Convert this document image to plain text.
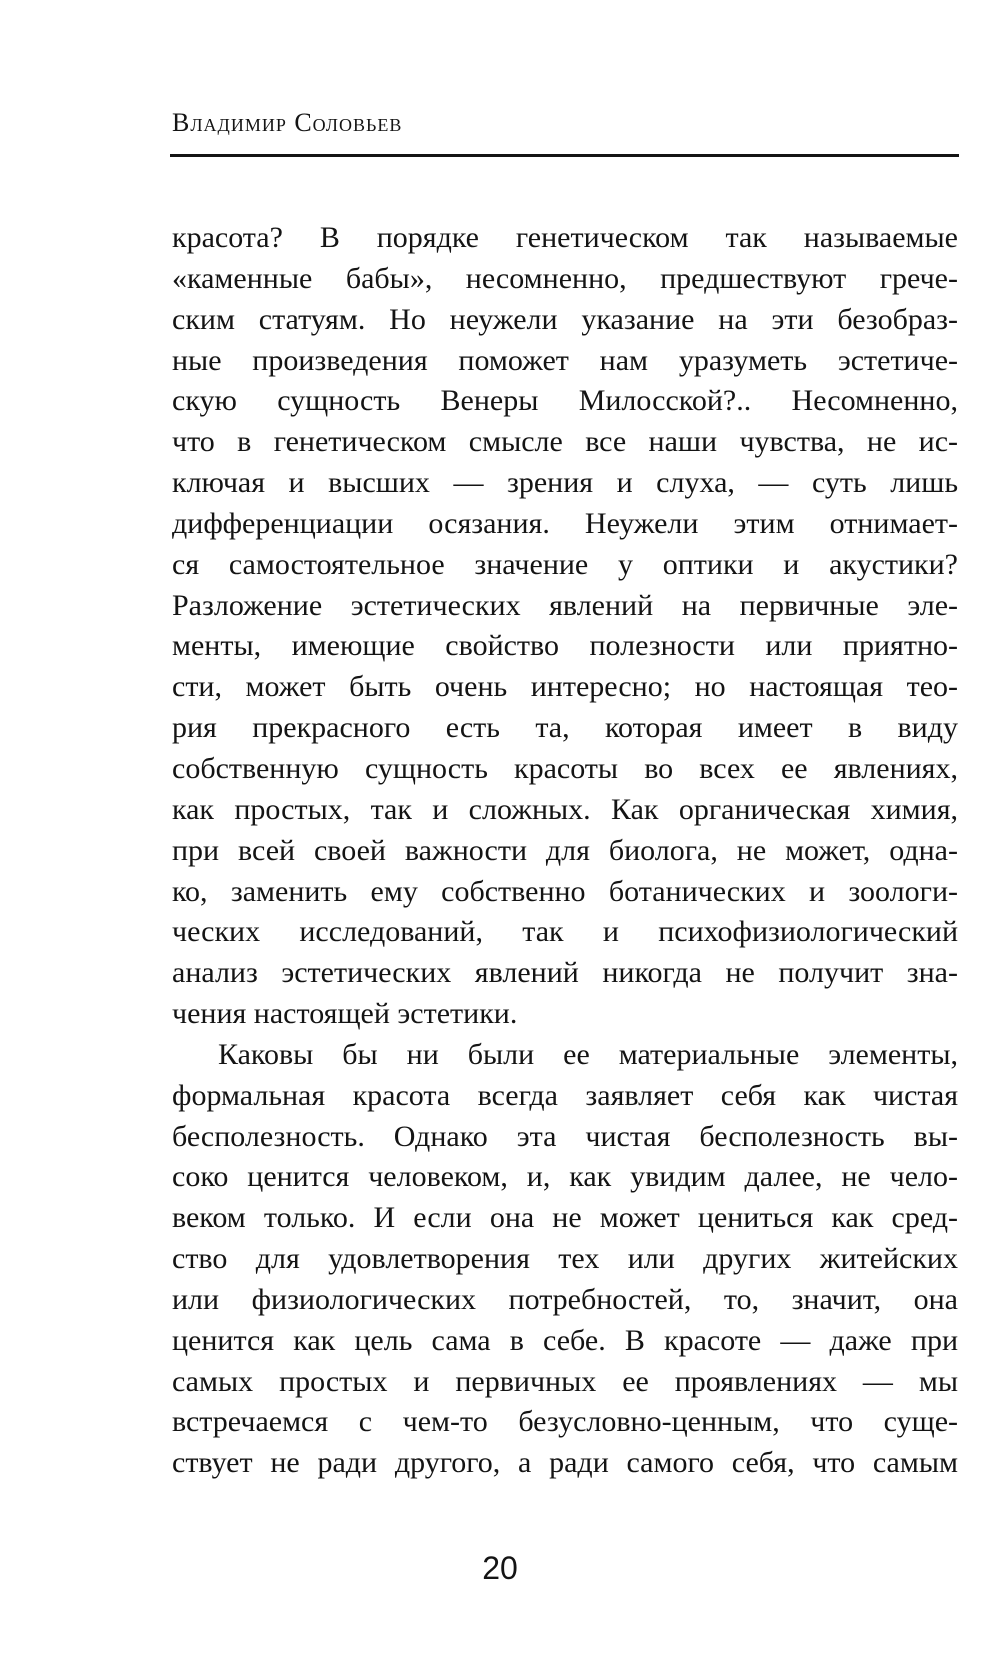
Владимир Соловьев
красота? В порядке генетическом так называемые
«каменные бабы», несомненно, предшествуют грече-
ским статуям. Но неужели указание на эти безобраз-
ные произведения поможет нам уразуметь эстетиче-
скую сущность Венеры Милосской?.. Несомненно,
что в генетическом смысле все наши чувства, не ис-
ключая и высших — зрения и слуха, — суть лишь
дифференциации осязания. Неужели этим отнимает-
ся самостоятельное значение у оптики и акустики?
Разложение эстетических явлений на первичные эле-
менты, имеющие свойство полезности или приятно-
сти, может быть очень интересно; но настоящая тео-
рия прекрасного есть та, которая имеет в виду
собственную сущность красоты во всех ее явлениях,
как простых, так и сложных. Как органическая химия,
при всей своей важности для биолога, не может, одна-
ко, заменить ему собственно ботанических и зоологи-
ческих исследований, так и психофизиологический
анализ эстетических явлений никогда не получит зна-
чения настоящей эстетики.
Каковы бы ни были ее материальные элементы,
формальная красота всегда заявляет себя как чистая
бесполезность. Однако эта чистая бесполезность вы-
соко ценится человеком, и, как увидим далее, не чело-
веком только. И если она не может цениться как сред-
ство для удовлетворения тех или других житейских
или физиологических потребностей, то, значит, она
ценится как цель сама в себе. В красоте — даже при
самых простых и первичных ее проявлениях — мы
встречаемся с чем-то безусловно-ценным, что суще-
ствует не ради другого, а ради самого себя, что самым
20
